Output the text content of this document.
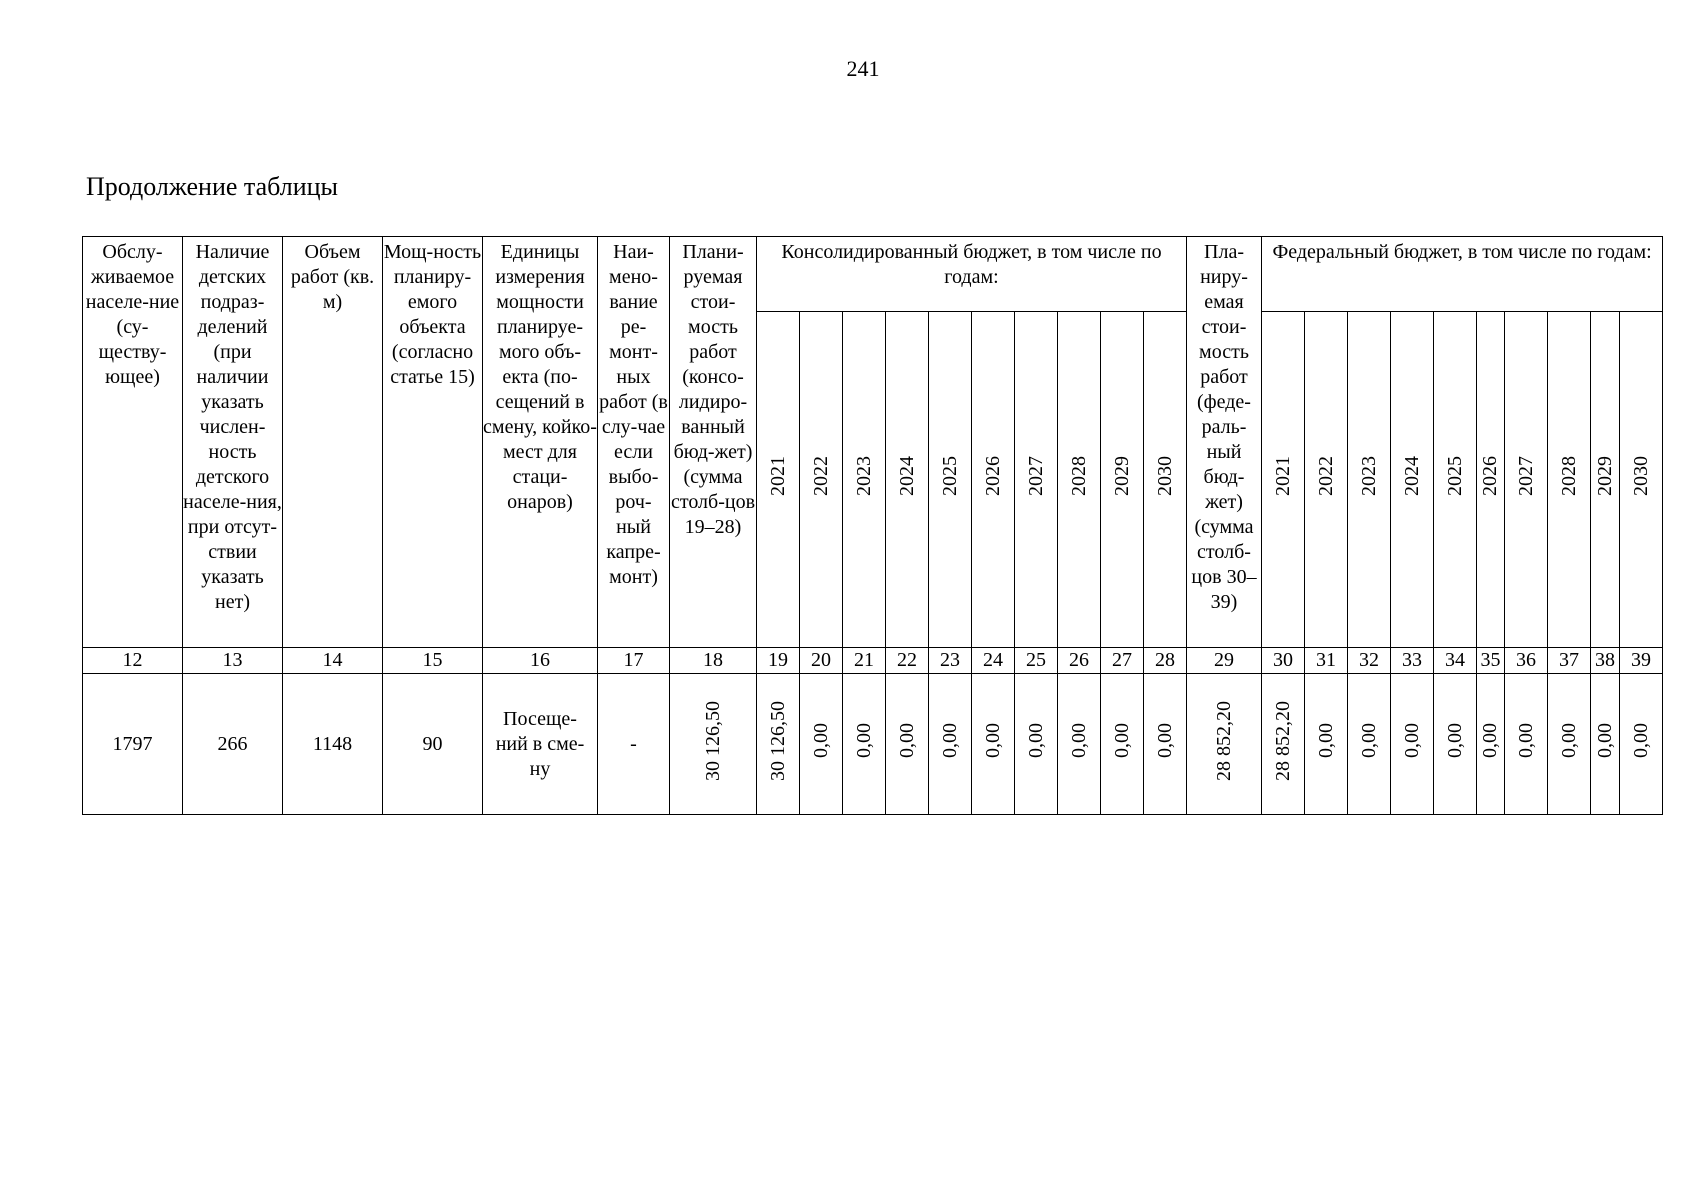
241
Продолжение таблицы
Обслу-живаемое населе-ние (су-ществу-ющее)	Наличие детских подраз-делений (при наличии указать числен-ность детского населе-ния, при отсут-ствии указать нет)	Объем работ (кв. м)	Мощ-ность планиру-емого объекта (согласно статье 15)	Единицы измерения мощности планируе-мого объ-екта (по-сещений в смену, койко-мест для стаци-онаров)	Наи-мено-вание ре-монт-ных работ (в слу-чае если выбо-роч-ный капре-монт)	Плани-руемая стои-мость работ (консо-лидиро-ванный бюд-жет) (сумма столб-цов 19–28)	Консолидированный бюджет, в том числе по годам:										Пла-ниру-емая стои-мость работ (феде-раль-ный бюд-жет) (сумма столб-цов 30–39)	Федеральный бюджет, в том числе по годам:									
							2021	2022	2023	2024	2025	2026	2027	2028	2029	2030		2021	2022	2023	2024	2025	2026	2027	2028	2029	2030
12	13	14	15	16	17	18	19	20	21	22	23	24	25	26	27	28	29	30	31	32	33	34	35	36	37	38	39
1797	266	1148	90	Посеще-ний в сме-ну	-	30 126,50	30 126,50	0,00	0,00	0,00	0,00	0,00	0,00	0,00	0,00	0,00	28 852,20	28 852,20	0,00	0,00	0,00	0,00	0,00	0,00	0,00	0,00	0,00
